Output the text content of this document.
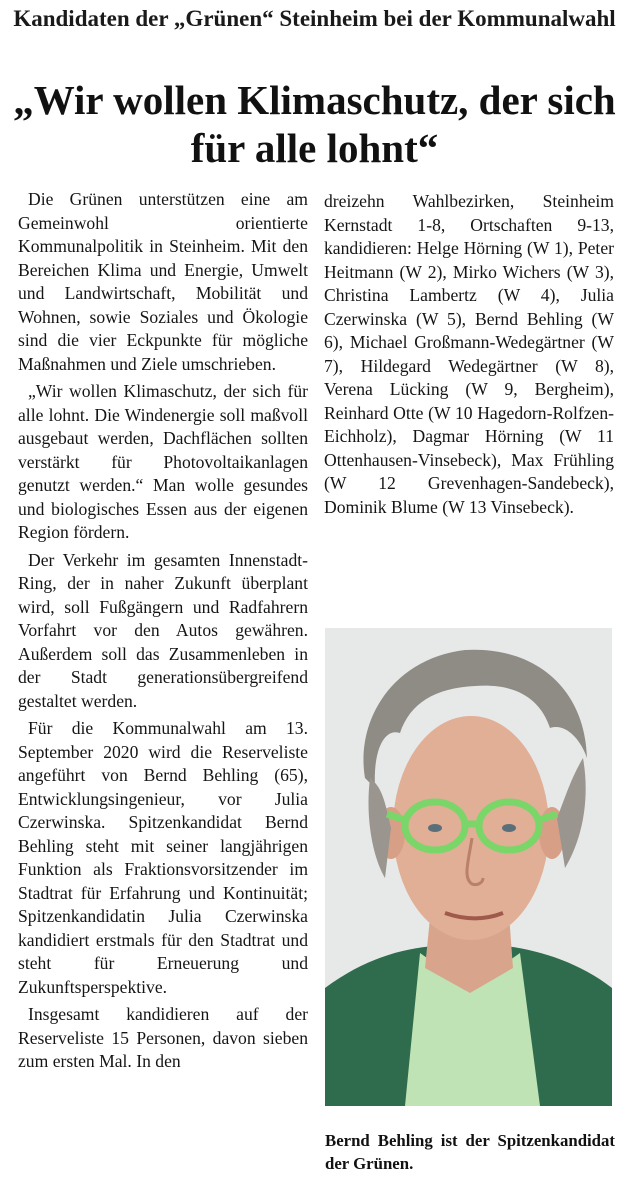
Kandidaten der „Grünen“ Steinheim bei der Kommunalwahl
„Wir wollen Klimaschutz, der sich für alle lohnt“

Die Grünen unterstützen eine am Gemeinwohl orientierte Kommunalpolitik in Steinheim. Mit den Bereichen Klima und Energie, Umwelt und Landwirtschaft, Mobilität und Wohnen, sowie Soziales und Ökologie sind die vier Eckpunkte für mögliche Maßnahmen und Ziele umschrieben.

„Wir wollen Klimaschutz, der sich für alle lohnt. Die Windenergie soll maßvoll ausgebaut werden, Dachflächen sollten verstärkt für Photovoltaikanlagen genutzt werden.“ Man wolle gesundes und biologisches Essen aus der eigenen Region fördern.

Der Verkehr im gesamten Innenstadt-Ring, der in naher Zukunft überplant wird, soll Fußgängern und Radfahrern Vorfahrt vor den Autos gewähren. Außerdem soll das Zusammenleben in der Stadt generationsübergreifend gestaltet werden.

Für die Kommunalwahl am 13. September 2020 wird die Reserveliste angeführt von Bernd Behling (65), Entwicklungsingenieur, vor Julia Czerwinska. Spitzenkandidat Bernd Behling steht mit seiner langjährigen Funktion als Fraktionsvorsitzender im Stadtrat für Erfahrung und Kontinuität; Spitzenkandidatin Julia Czerwinska kandidiert erstmals für den Stadtrat und steht für Erneuerung und Zukunftsperspektive.

Insgesamt kandidieren auf der Reserveliste 15 Personen, davon sieben zum ersten Mal. In den

dreizehn Wahlbezirken, Steinheim Kernstadt 1-8, Ortschaften 9-13, kandidieren: Helge Hörning (W 1), Peter Heitmann (W 2), Mirko Wichers (W 3), Christina Lambertz (W 4), Julia Czerwinska (W 5), Bernd Behling (W 6), Michael Großmann-Wedegärtner (W 7), Hildegard Wedegärtner (W 8), Verena Lücking (W 9, Bergheim), Reinhard Otte (W 10 Hagedorn-Rolfzen-Eichholz), Dagmar Hörning (W 11 Ottenhausen-Vinsebeck), Max Frühling (W 12 Grevenhagen-Sandebeck), Dominik Blume (W 13 Vinsebeck).

Bernd Behling ist der Spitzenkandidat der Grünen.
